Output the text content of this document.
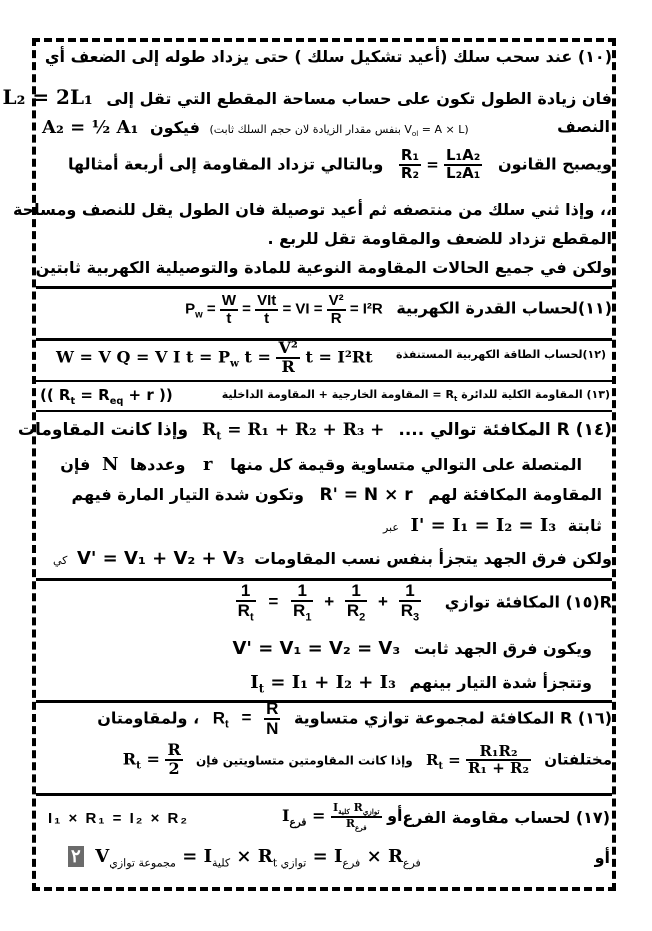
(١٠) عند سحب سلك (أعيد تشكيل سلك ) حتى يزداد طوله إلى الضعف أي
فان زيادة الطول تكون على حساب مساحة المقطع التي تقل إلى L₂ = 2L₁
A₂ = ½ A₁ فيكون	($V_{ol} = A \times L$ بنفس مقدار الزيادة لان حجم السلك ثابت)	النصف
ويصبح القانون
$\frac{\text{R₁}}{\text{R₂}} = \frac{\text{L₁A₂}}{\text{L₂A₁}}$
وبالتالي تزداد المقاومة إلى أربعة أمثالها
،، وإذا ثني سلك من منتصفه ثم أعيد توصيلة فان الطول يقل للنصف ومساحة
المقطع تزداد للضعف والمقاومة تقل للربع .
ولكن في جميع الحالات المقاومة النوعية للمادة والتوصيلية الكهربية ثابتين
(١١)لحساب القدرة الكهربية $P_w = \frac{W}{t} = \frac{\text{VIt}}{t}$ = VI = $\frac{\text{V²}}{R} = I^2R$
W = V Q = V I $t = P_w$ $t = \frac{\text{V²}}{R}$ t = I²Rt (١٢)لحساب الطاقة الكهربية المستنفذة
(( $R_t = R_{eq} + r$ ))	(١٣) المقاومة الكلية للدائرة $R_t$ = المقاومة الخارجية + المقاومة الداخلية
(١٤) R المكافئة توالي .... $R_t = R_1 + R_2 + R_3$ + وإذا كانت المقاومات
المتصلة على التوالي متساوية وقيمة كل منها r وعددها N فإن
المقاومة المكافئة لهم R' = N × r وتكون شدة التيار المارة فيهم
ثابتة I' = I₁ = I₂ = I₃ عبر
ولكن فرق الجهد يتجزأ بنفس نسب المقاومات V' = V₁ + V₂ + V₃ كي
R(١٥) المكافئة توازي
$\frac{1}{R_t} = \frac{1}{R_1} + \frac{1}{R_2} + \frac{1}{R_3}$
ويكون فرق الجهد ثابت V' = V₁ = V₂ = V₃
وتتجزأ شدة التيار بينهم $I_t = I_1 + I_2 + I_3$
(١٦) R المكافئة لمجموعة توازي متساوية $R_t = \frac{R}{N}$
، ولمقاومتان
مختلفتان $R_t = \frac{\text{R₁R₂}}{\text{R₁ + R₂}}$
وإذا كانت المقاومتين متساويتين فإن $R_t = \frac{R}{2}$
I₁ × R₁ = I₂ × R₂	أو $I_{فرع} = \frac{I_{كلية} R_{توازي}}{R_{فرع}}$ (١٧) لحساب مقاومة الفرع
٢ $V_{مجموعة توازي} = I_{كلية} \times R_{t توازي} = I_{فرع} \times R_{فرع}$	أو
